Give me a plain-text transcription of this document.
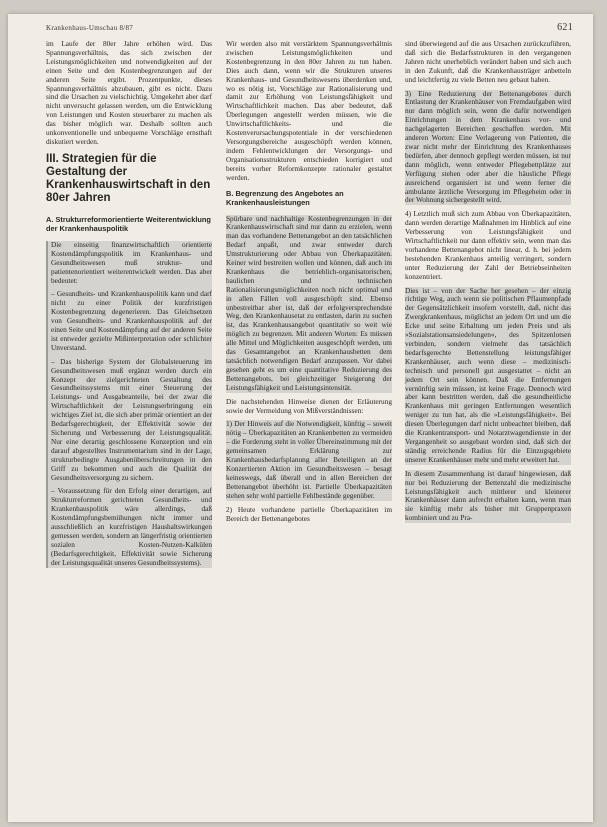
Krankenhaus-Umschau 8/87	621

im Laufe der 80er Jahre erhöhen wird. Das Spannungsverhältnis, das sich zwischen der Leistungsmöglichkeiten und notwendigkeiten auf der einen Seite und den Kostenbegrenzungen auf der anderen Seite ergibt. Prozentpunkte, dieses Spannungsverhältnis abzubauen, gibt es nicht. Dazu sind die Ursachen zu vielschichtig. Umgekehrt aber darf nicht unversucht gelassen werden, um die Entwicklung von Leistungen und Kosten steuerbarer zu machen als das bisher möglich war. Deshalb sollten auch unkonventionelle und unbequeme Vorschläge ernsthaft diskutiert werden.

III. Strategien für die Gestaltung der Krankenhauswirtschaft in den 80er Jahren
A. Strukturreformorientierte Weiterentwicklung der Krankenhauspolitik

Die einseitig finanzwirtschaftlich orientierte Kostendämpfungspolitik im Krankenhaus- und Gesundheitswesen muß struktur- und patientenorientiert weiterentwickelt werden. Das aber bedeutet:

– Gesundheits- und Krankenhauspolitik kann und darf nicht zu einer Politik der kurzfristigen Kostenbegrenzung degenerieren. Das Gleichsetzen von Gesundheits- und Krankenhauspolitik auf der einen Seite und Kostendämpfung auf der anderen Seite ist entweder gezielte Mißinterpretation oder schlichter Unverstand.

– Das bisherige System der Globalsteuerung im Gesundheitswesen muß ergänzt werden durch ein Konzept der zielgerichteten Gestaltung des Gesundheitssystems mit einer Steuerung der Leistungs- und Ausgabeanteile, bei der zwar die Wirtschaftlichkeit der Leistungserbringung ein wichtiges Ziel ist, die sich aber primär orientiert an der Bedarfsgerechtigkeit, der Effektivität sowie der Sicherung und Verbesserung der Leistungsqualität. Nur eine derartig geschlossene Konzeption und ein darauf abgestelltes Instrumentarium sind in der Lage, strukturbedingte Ausgabenüberschreitungen in den Griff zu bekommen und auch die Qualität der Gesundheitsversorgung zu sichern.

– Voraussetzung für den Erfolg einer derartigen, auf Strukturreformen gerichteten Gesundheits- und Krankenhauspolitik wäre allerdings, daß Kostendämpfungsbemühungen nicht immer und ausschließlich an kurzfristigen Haushaltswirkungen gemessen werden, sondern an längerfristig orientierten sozialen Kosten-Nutzen-Kalkülen (Bedarfsgerechtigkeit, Effektivität sowie Sicherung der Leistungsqualität unseres Gesundheitssystems).

Wir werden also mit verstärktem Spannungsverhältnis zwischen Leistungsmöglichkeiten und Kostenbegrenzung in den 80er Jahren zu tun haben. Dies auch dann, wenn wir die Strukturen unseres Krankenhaus- und Gesundheitswesens überdenken und, wo es nötig ist, Vorschläge zur Rationalisierung und damit zur Erhöhung von Leistungsfähigkeit und Wirtschaftlichkeit machen. Das aber bedeutet, daß Überlegungen angestellt werden müssen, wie die Unwirtschaftlichkeits- und die Kostenverursachungspotentiale in der verschiedenen Versorgungsbereiche ausgeschöpft werden können, indem Fehlentwicklungen der Versorgungs- und Organisationsstrukturen entschieden korrigiert und bereits vorher Reformkonzepte rationaler gestaltet werden.

B. Begrenzung des Angebotes an Krankenhausleistungen

Spürbare und nachhaltige Kostenbegrenzungen in der Krankenhauswirtschaft sind nur dann zu erzielen, wenn man das vorhandene Bettenangebot an den tatsächlichen Bedarf anpaßt, und zwar entweder durch Umstrukturierung oder Abbau von Überkapazitäten. Keiner wird bestreiten wollen und können, daß auch im Krankenhaus die betrieblich-organisatorischen, baulichen und technischen Rationalisierungsmöglichkeiten noch nicht optimal und in allen Fällen voll ausgeschöpft sind. Ebenso unbestreitbar aber ist, daß der erfolgversprechendste Weg, den Krankenhausetat zu entlasten, darin zu suchen ist, das Krankenhausangebot quantitativ so weit wie möglich zu begrenzen. Mit anderen Worten: Es müssen alle Mittel und Möglichkeiten ausgeschöpft werden, um das Gesamtangebot an Krankenhausbetten dem tatsächlich notwendigen Bedarf anzupassen. Vor dabei gesehen geht es um eine quantitative Reduzierung des Bettenangebots, bei gleichzeitiger Steigerung der Leistungsfähigkeit und Leistungsintensität.

Die nachstehenden Hinweise dienen der Erläuterung sowie der Vermeidung von Mißverständnissen:

1) Der Hinweis auf die Notwendigkeit, künftig – soweit nötig – Überkapazitäten an Krankenbetten zu vermeiden – die Forderung steht in voller Übereinstimmung mit der gemeinsamen Erklärung zur Krankenhausbedarfsplanung aller Beteiligten an der Konzertierten Aktion im Gesundheitswesen – besagt keineswegs, daß überall und in allen Bereichen der Bettenangebot überhöht ist. Partielle Überkapazitäten stehen sehr wohl partielle Fehlbestände gegenüber.

2) Heute vorhandene partielle Überkapazitäten im Bereich der Bettenangebotes

sind überwiegend auf die aus Ursachen zurückzuführen, daß sich die Bedarfsstrukturen in den vergangenen Jahren nicht unerheblich verändert haben und sich auch in den Zukunft, daß die Krankenhausträger anbetteln und leichtfertig zu viele Betten neu gebaut haben.

3) Eine Reduzierung der Bettenangebotes durch Entlastung der Krankenhäuser von Fremdaufgaben wird nur dann möglich sein, wenn die dafür notwendigen Einrichtungen in dem Krankenhaus vor- und nachgelagerten Bereichen geschaffen werden. Mit anderen Worten: Eine Verlagerung von Patienten, die zwar nicht mehr der Einrichtung des Krankenhauses bedürfen, aber dennoch gepflegt werden müssen, ist nur dann möglich, wenn entweder Pflegebettplätze zur Verfügung stehen oder aber die häusliche Pflege ausreichend organisiert ist und wenn ferner die ambulante ärztliche Versorgung im Pflegeheim oder in der Wohnung sichergestellt wird.

4) Letztlich muß sich zum Abbau von Überkapazitäten, dann werden derartige Maßnahmen im Hinblick auf eine Verbesserung von Leistungsfähigkeit und Wirtschaftlichkeit nur dann effektiv sein, wenn man das vorhandene Bettenangebot nicht linear, d. h. bei jedem bestehenden Krankenhaus anteilig verringert, sondern unter Reduzierung der Zahl der Betriebseinheiten konzentriert.

Dies ist – von der Sache her gesehen – der einzig richtige Weg, auch wenn sie politischen Pflaumenpfade der Gegensätzlichkeit insofern vorstellt, daß, nicht das Zwergkrankenhaus, möglichst an jedem Ort und um die Ecke und seine Erhaltung um jeden Preis und als »Sozialstationsansiedelungen«, des Spitzenlotsen verbinden, sondern vielmehr das tatsächlich bedarfsgerechte Bettenstellung leistungsfähiger Krankenhäuser, auch wenn diese – medizinisch-technisch und personell gut ausgestattet – nicht an jedem Ort sein können. Daß die Entfernungen vernünftig sein müssen, ist keine Frage. Dennoch wird aber kann bestritten werden, daß die gesundheitliche Krankenhaus mit geringen Entfernungen wesentlich weniger zu tun hat, als die »Leistungsfähigkeit«. Bei diesen Überlegungen darf nicht unbeachtet bleiben, daß die Krankentransport- und Notarztwagendienste in der Vergangenheit so ausgebaut worden sind, daß sich der ständig erreichende Radius für die Einzugsgebiete unserer Krankenhäuser mehr und mehr erweitert hat.

In diesem Zusammenhang ist darauf hingewiesen, daß nur bei Reduzierung der Bettenzahl die medizinische Leistungsfähigkeit auch mittlerer und kleinerer Krankenhäuser dann aufrecht erhalten kann, wenn man sie künftig mehr als bisher mit Gruppenpraxen kombiniert und zu Pra-
